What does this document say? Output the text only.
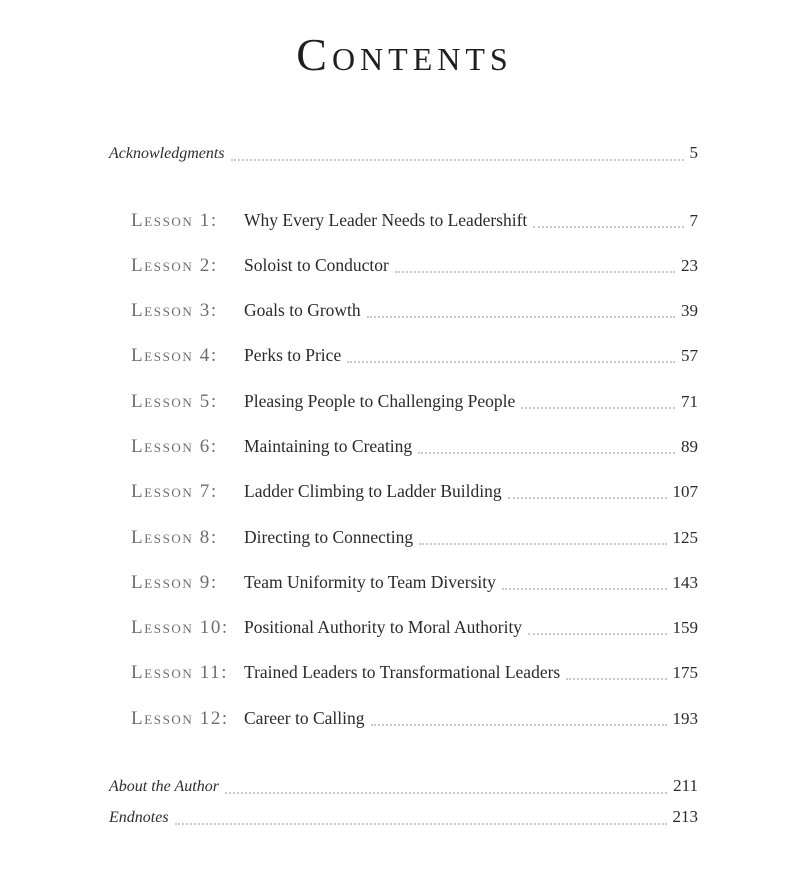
Contents
Acknowledgments	5
Lesson 1:	Why Every Leader Needs to Leadershift	7
Lesson 2:	Soloist to Conductor	23
Lesson 3:	Goals to Growth	39
Lesson 4:	Perks to Price	57
Lesson 5:	Pleasing People to Challenging People	71
Lesson 6:	Maintaining to Creating	89
Lesson 7:	Ladder Climbing to Ladder Building	107
Lesson 8:	Directing to Connecting	125
Lesson 9:	Team Uniformity to Team Diversity	143
Lesson 10: Positional Authority to Moral Authority	159
Lesson 11: Trained Leaders to Transformational Leaders	175
Lesson 12: Career to Calling	193
About the Author	211
Endnotes	213
